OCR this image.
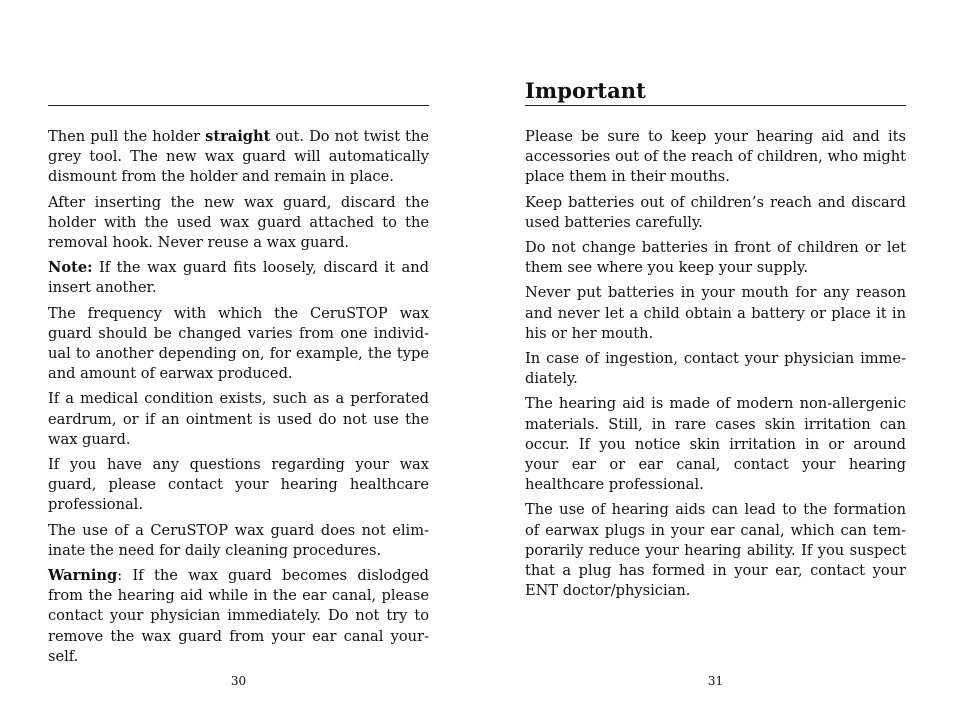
Then pull the holder straight out. Do not twist the grey tool. The new wax guard will automatically dismount from the holder and remain in place.

After inserting the new wax guard, discard the holder with the used wax guard attached to the removal hook. Never reuse a wax guard.

Note: If the wax guard fits loosely, discard it and insert another.

The frequency with which the CeruSTOP wax guard should be changed varies from one individual to another depending on, for example, the type and amount of earwax produced.

If a medical condition exists, such as a perforated eardrum, or if an ointment is used do not use the wax guard.

If you have any questions regarding your wax guard, please contact your hearing healthcare professional.

The use of a CeruSTOP wax guard does not eliminate the need for daily cleaning procedures.

Warning: If the wax guard becomes dislodged from the hearing aid while in the ear canal, please contact your physician immediately. Do not try to remove the wax guard from your ear canal yourself.

30
Important

Please be sure to keep your hearing aid and its accessories out of the reach of children, who might place them in their mouths.

Keep batteries out of children’s reach and discard used batteries carefully.

Do not change batteries in front of children or let them see where you keep your supply.

Never put batteries in your mouth for any reason and never let a child obtain a battery or place it in his or her mouth.

In case of ingestion, contact your physician immediately.

The hearing aid is made of modern non-allergenic materials. Still, in rare cases skin irritation can occur. If you notice skin irritation in or around your ear or ear canal, contact your hearing healthcare professional.

The use of hearing aids can lead to the formation of earwax plugs in your ear canal, which can temporarily reduce your hearing ability. If you suspect that a plug has formed in your ear, contact your ENT doctor/physician.

31
